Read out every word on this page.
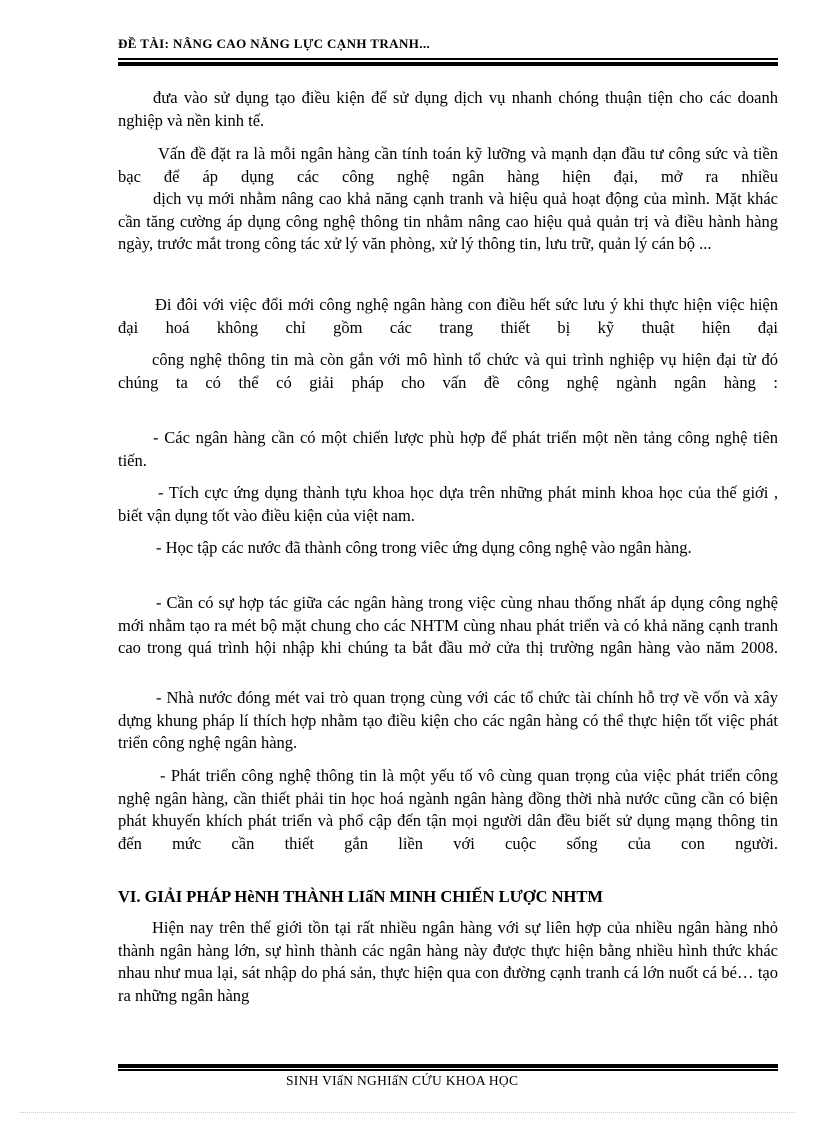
ĐỀ TÀI: NÂNG CAO NĂNG LỰC CẠNH TRANH...

đưa vào sử dụng tạo điều kiện để sử dụng dịch vụ nhanh chóng thuận tiện cho các doanh nghiệp và nền kinh tế.

Vấn đề đặt ra là mỗi ngân hàng cần tính toán kỹ lưỡng và mạnh dạn đầu tư công sức và tiền bạc để áp dụng các công nghệ ngân hàng hiện đại, mở ra nhiều

dịch vụ mới nhằm nâng cao khả năng cạnh tranh và hiệu quả hoạt động của mình. Mặt khác cần tăng cường áp dụng công nghệ thông tin nhằm nâng cao hiệu quả quản trị và điều hành hàng ngày, trước mắt trong công tác xử lý văn phòng, xử lý thông tin, lưu trữ, quản lý cán bộ ...

Đi đôi với việc đổi mới công nghệ ngân hàng con điều hết sức lưu ý khi thực hiện việc hiện đại hoá không chỉ gồm các trang thiết bị kỹ thuật hiện đại

công nghệ thông tin mà còn gắn với mô hình tổ chức và qui trình nghiệp vụ hiện đại từ đó chúng ta có thể có giải pháp cho vấn đề công nghệ ngành ngân hàng :

- Các ngân hàng cần có một chiến lược phù hợp để phát triển một nền tảng công nghệ tiên tiến.

- Tích cực ứng dụng thành tựu khoa học dựa trên những phát minh khoa học của thế giới , biết vận dụng tốt vào điều kiện của việt nam.

- Học tập các nước đã thành công trong viêc ứng dụng công nghệ vào ngân hàng.

- Cần có sự hợp tác giữa các ngân hàng trong việc cùng nhau thống nhất áp dụng công nghệ mới nhằm tạo ra mét bộ mặt chung cho các NHTM cùng nhau phát triển và có khả năng cạnh tranh cao trong quá trình hội nhập khi chúng ta bắt đầu mở cửa thị trường ngân hàng vào năm 2008.

- Nhà nước đóng mét vai trò quan trọng cùng với các tổ chức tài chính hỗ trợ về vốn và xây dựng khung pháp lí thích hợp nhằm tạo điều kiện cho các ngân hàng có thể thực hiện tốt việc phát triển công nghệ ngân hàng.

- Phát triển công nghệ thông tin là một yếu tố vô cùng quan trọng của việc phát triển công nghệ ngân hàng, cần thiết phải tin học hoá ngành ngân hàng đồng thời nhà nước cũng cần có biện phát khuyến khích phát triển và phổ cập đến tận mọi người dân đều biết sử dụng mạng thông tin đến mức cần thiết gắn liền với cuộc sống của con người.

VI. GIẢI PHÁP HèNH THÀNH LIấN MINH CHIẾN LƯỢC NHTM

Hiện nay trên thế giới tồn tại rất nhiều ngân hàng với sự liên hợp của nhiều ngân hàng nhỏ thành ngân hàng lớn, sự hình thành các ngân hàng này được thực hiện bằng nhiều hình thức khác nhau như mua lại, sát nhập do phá sản, thực hiện qua con đường cạnh tranh cá lớn nuốt cá bé… tạo ra những ngân hàng

SINH VIấN NGHIấN CỨU KHOA HỌC
